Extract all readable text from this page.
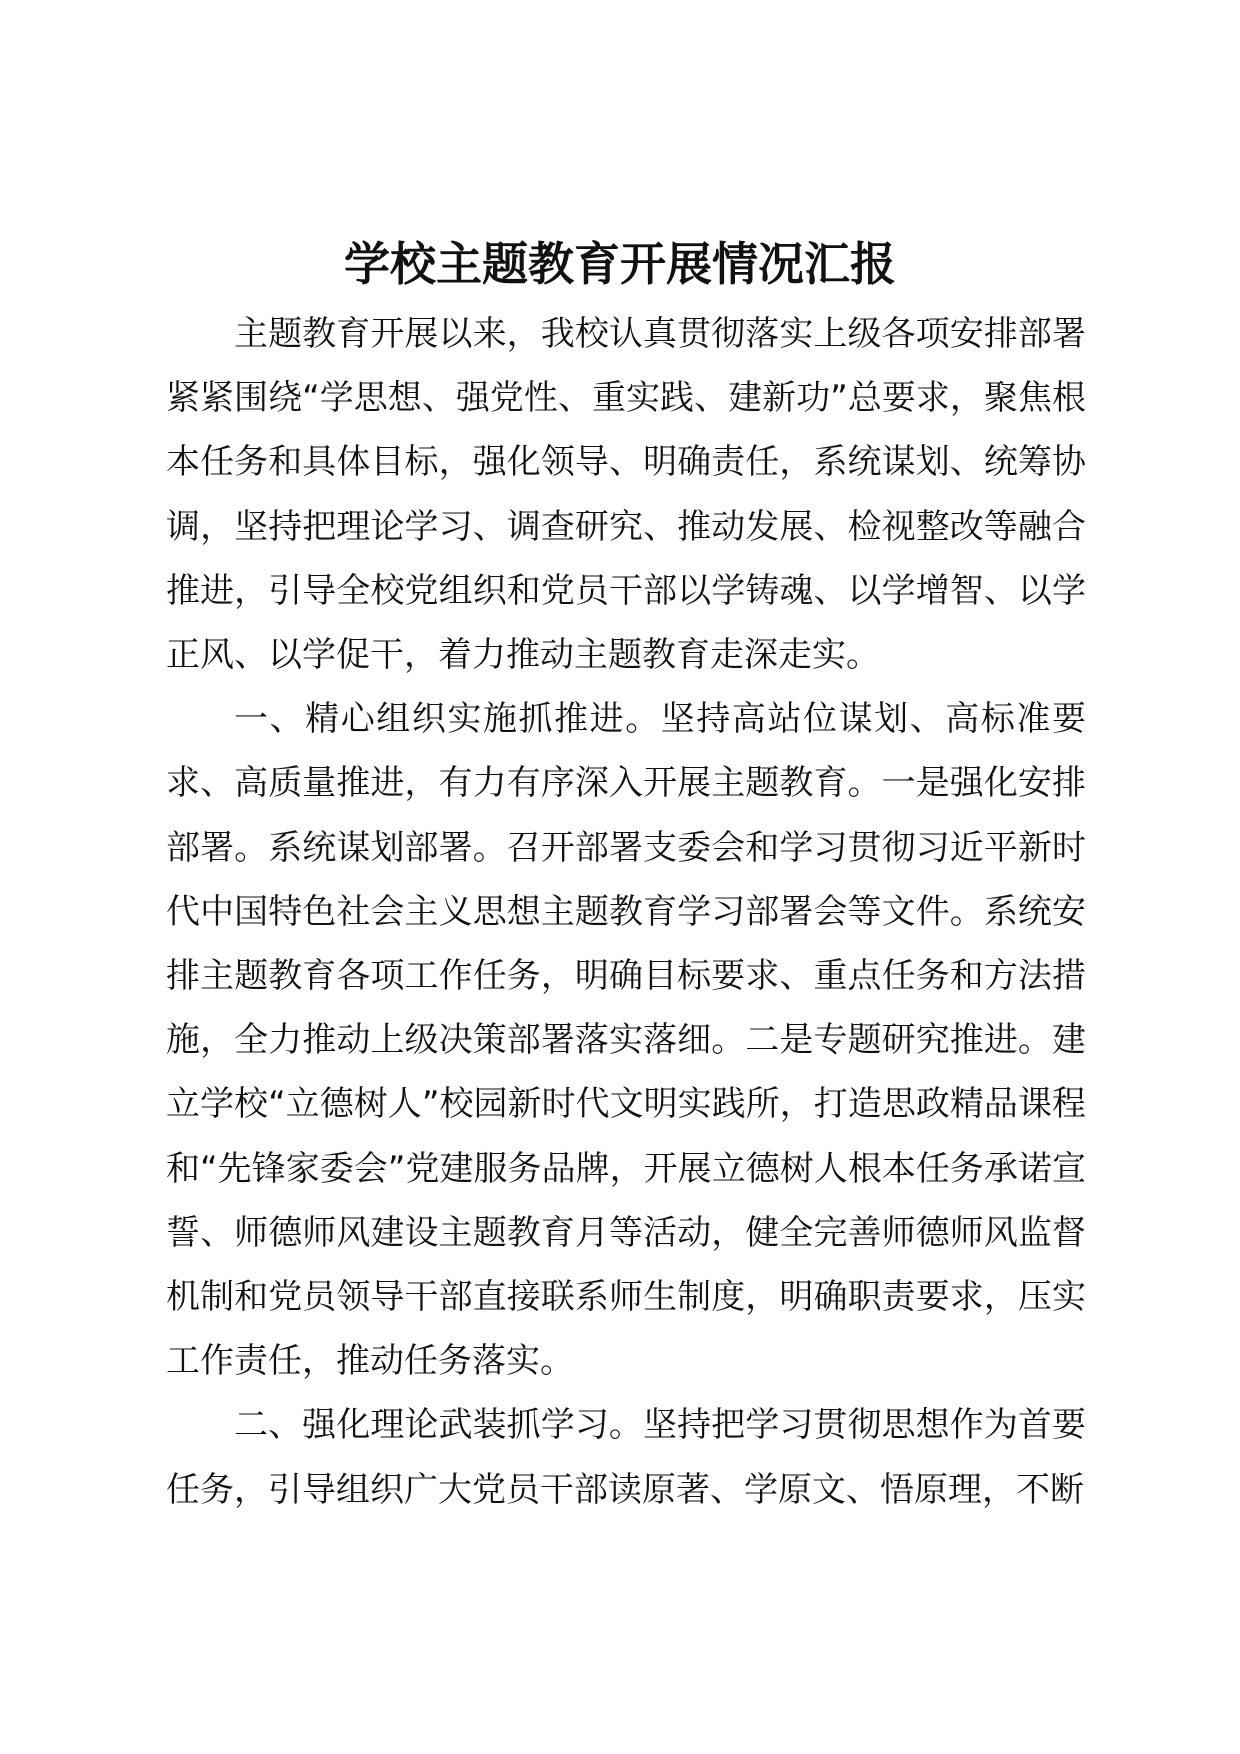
学校主题教育开展情况汇报

主题教育开展以来，我校认真贯彻落实上级各项安排部署紧紧围绕“学思想、强党性、重实践、建新功”总要求，聚焦根本任务和具体目标，强化领导、明确责任，系统谋划、统筹协调，坚持把理论学习、调查研究、推动发展、检视整改等融合推进，引导全校党组织和党员干部以学铸魂、以学增智、以学正风、以学促干，着力推动主题教育走深走实。

一、精心组织实施抓推进。坚持高站位谋划、高标准要求、高质量推进，有力有序深入开展主题教育。一是强化安排部署。系统谋划部署。召开部署支委会和学习贯彻习近平新时代中国特色社会主义思想主题教育学习部署会等文件。系统安排主题教育各项工作任务，明确目标要求、重点任务和方法措施，全力推动上级决策部署落实落细。二是专题研究推进。建立学校“立德树人”校园新时代文明实践所，打造思政精品课程和“先锋家委会”党建服务品牌，开展立德树人根本任务承诺宣誓、师德师风建设主题教育月等活动，健全完善师德师风监督机制和党员领导干部直接联系师生制度，明确职责要求，压实工作责任，推动任务落实。

二、强化理论武装抓学习。坚持把学习贯彻思想作为首要任务，引导组织广大党员干部读原著、学原文、悟原理，不断
